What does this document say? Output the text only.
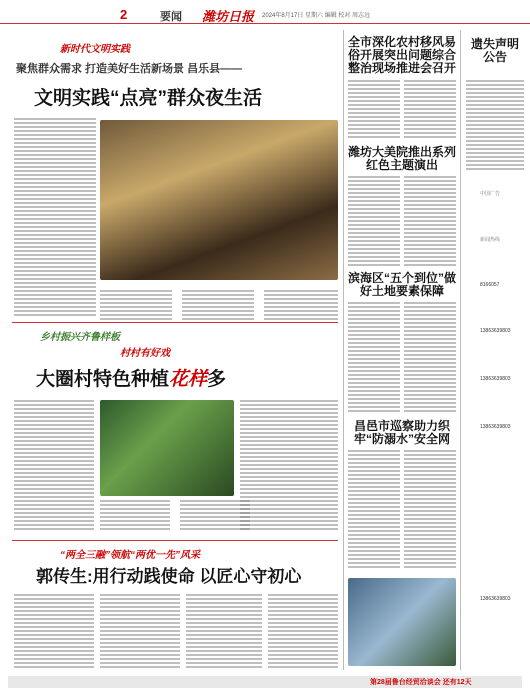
2	要闻 潍坊日报 2024年8月17日 星期六 编辑 校对 周志远
新时代文明实践
聚焦群众需求 打造美好生活新场景 昌乐县——
文明实践“点亮”群众夜生活
乡村振兴齐鲁样板
村村有好戏
大圈村特色种植花样多
“两全三融”领航“两优一先”风采
郭传生:用行动践使命 以匠心守初心
全市深化农村移风易俗开展突出问题综合整治现场推进会召开
潍坊大美院推出系列红色主题演出
滨海区“五个到位”做好土地要素保障
昌邑市巡察助力织牢“防溺水”安全网
遗失声明公告
中国广告
新闻热线
8166057
13863639803
13863639803
13863639803
13863639803
第28届鲁台经贸洽谈会 还有12天
